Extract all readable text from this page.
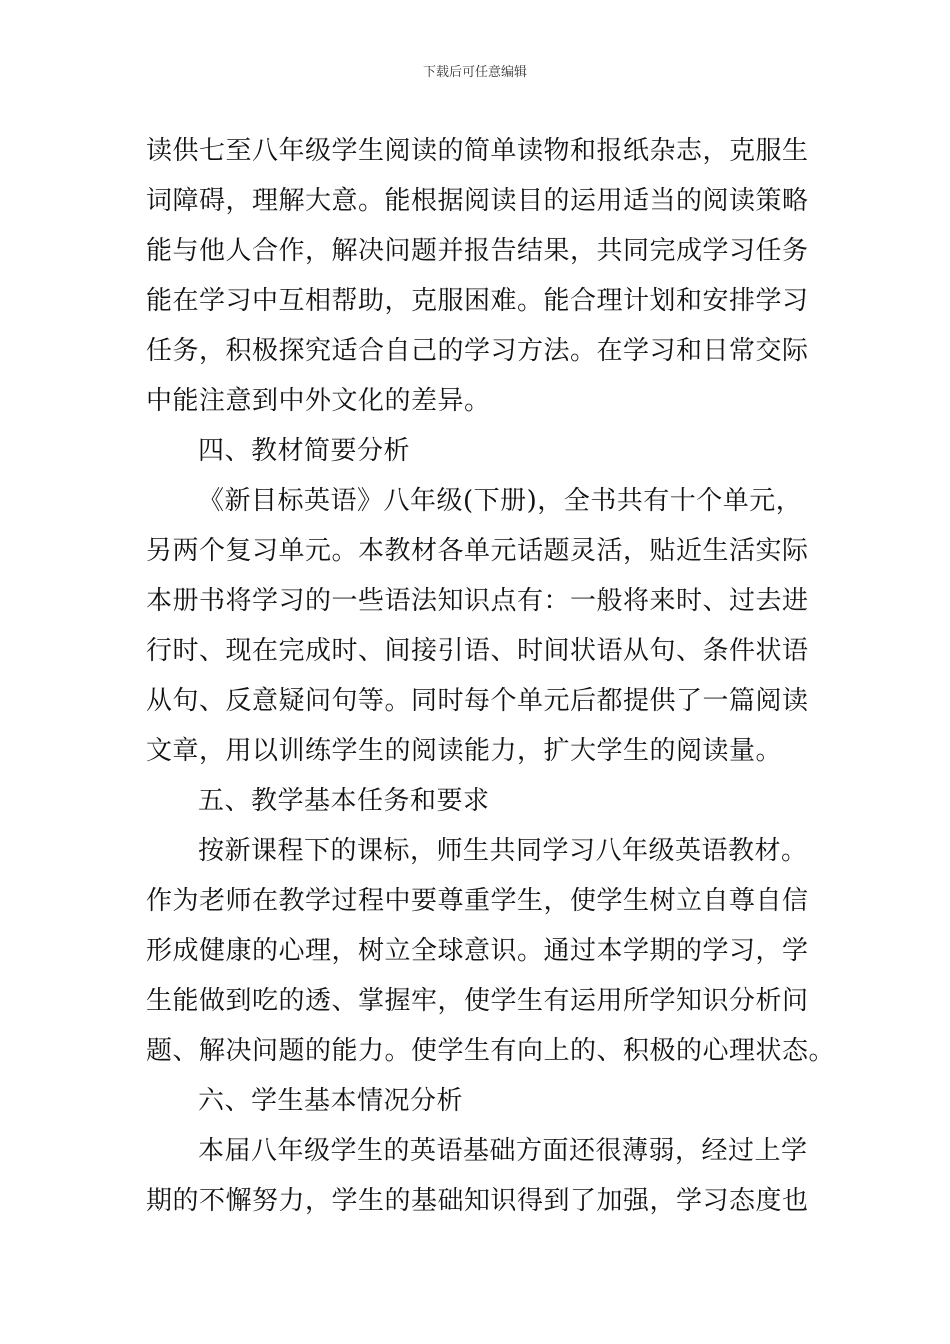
下载后可任意编辑
读供七至八年级学生阅读的简单读物和报纸杂志，克服生
词障碍，理解大意。能根据阅读目的运用适当的阅读策略
能与他人合作，解决问题并报告结果，共同完成学习任务
能在学习中互相帮助，克服困难。能合理计划和安排学习
任务，积极探究适合自己的学习方法。在学习和日常交际
中能注意到中外文化的差异。
四、教材简要分析
《新目标英语》八年级(下册)，全书共有十个单元，
另两个复习单元。本教材各单元话题灵活，贴近生活实际
本册书将学习的一些语法知识点有：一般将来时、过去进
行时、现在完成时、间接引语、时间状语从句、条件状语
从句、反意疑问句等。同时每个单元后都提供了一篇阅读
文章，用以训练学生的阅读能力，扩大学生的阅读量。
五、教学基本任务和要求
按新课程下的课标，师生共同学习八年级英语教材。
作为老师在教学过程中要尊重学生，使学生树立自尊自信
形成健康的心理，树立全球意识。通过本学期的学习，学
生能做到吃的透、掌握牢，使学生有运用所学知识分析问
题、解决问题的能力。使学生有向上的、积极的心理状态。
六、学生基本情况分析
本届八年级学生的英语基础方面还很薄弱，经过上学
期的不懈努力，学生的基础知识得到了加强，学习态度也
